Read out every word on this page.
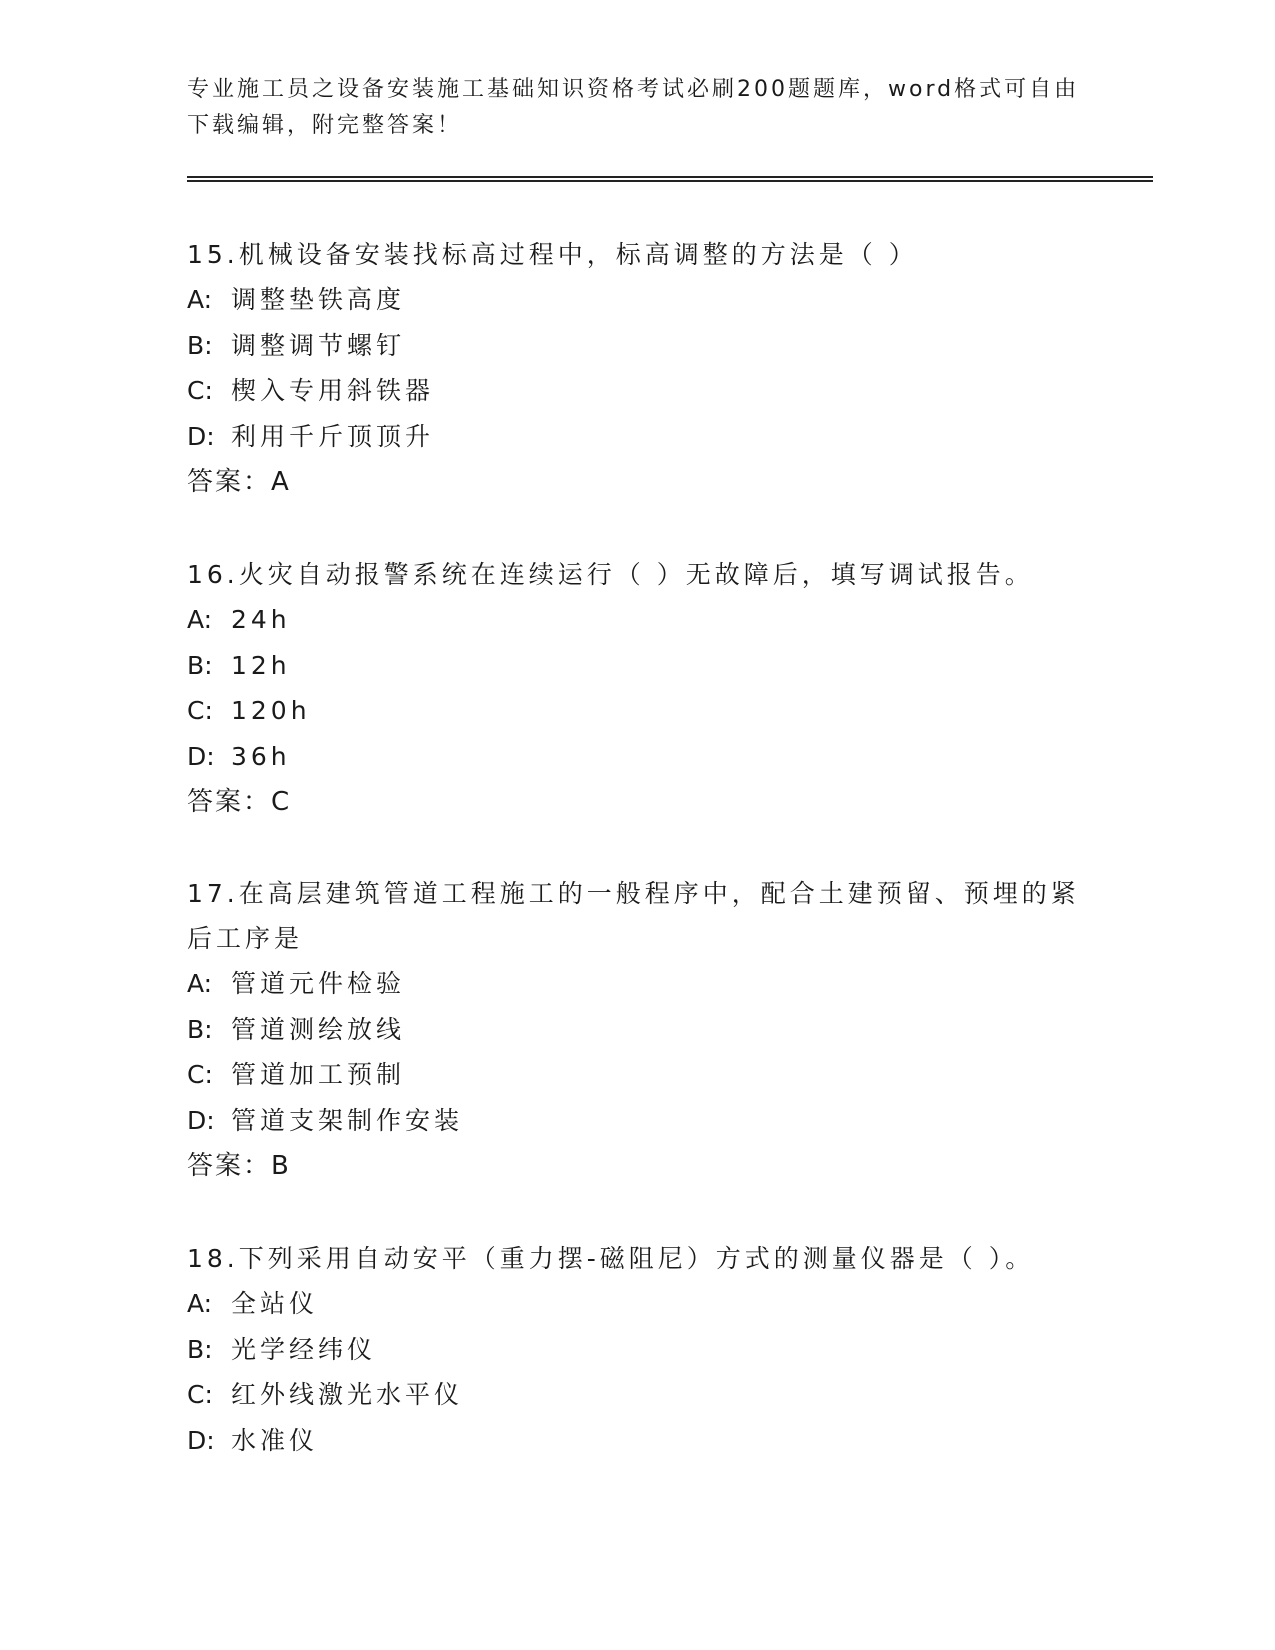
专业施工员之设备安装施工基础知识资格考试必刷200题题库，word格式可自由下载编辑，附完整答案！

15.机械设备安装找标高过程中，标高调整的方法是（ ）

A: 调整垫铁高度

B: 调整调节螺钉

C: 楔入专用斜铁器

D: 利用千斤顶顶升

答案：A

16.火灾自动报警系统在连续运行（ ）无故障后，填写调试报告。

A: 24h

B: 12h

C: 120h

D: 36h

答案：C

17.在高层建筑管道工程施工的一般程序中，配合土建预留、预埋的紧后工序是

A: 管道元件检验

B: 管道测绘放线

C: 管道加工预制

D: 管道支架制作安装

答案：B

18.下列采用自动安平（重力摆-磁阻尼）方式的测量仪器是（ ）。

A: 全站仪

B: 光学经纬仪

C: 红外线激光水平仪

D: 水准仪
